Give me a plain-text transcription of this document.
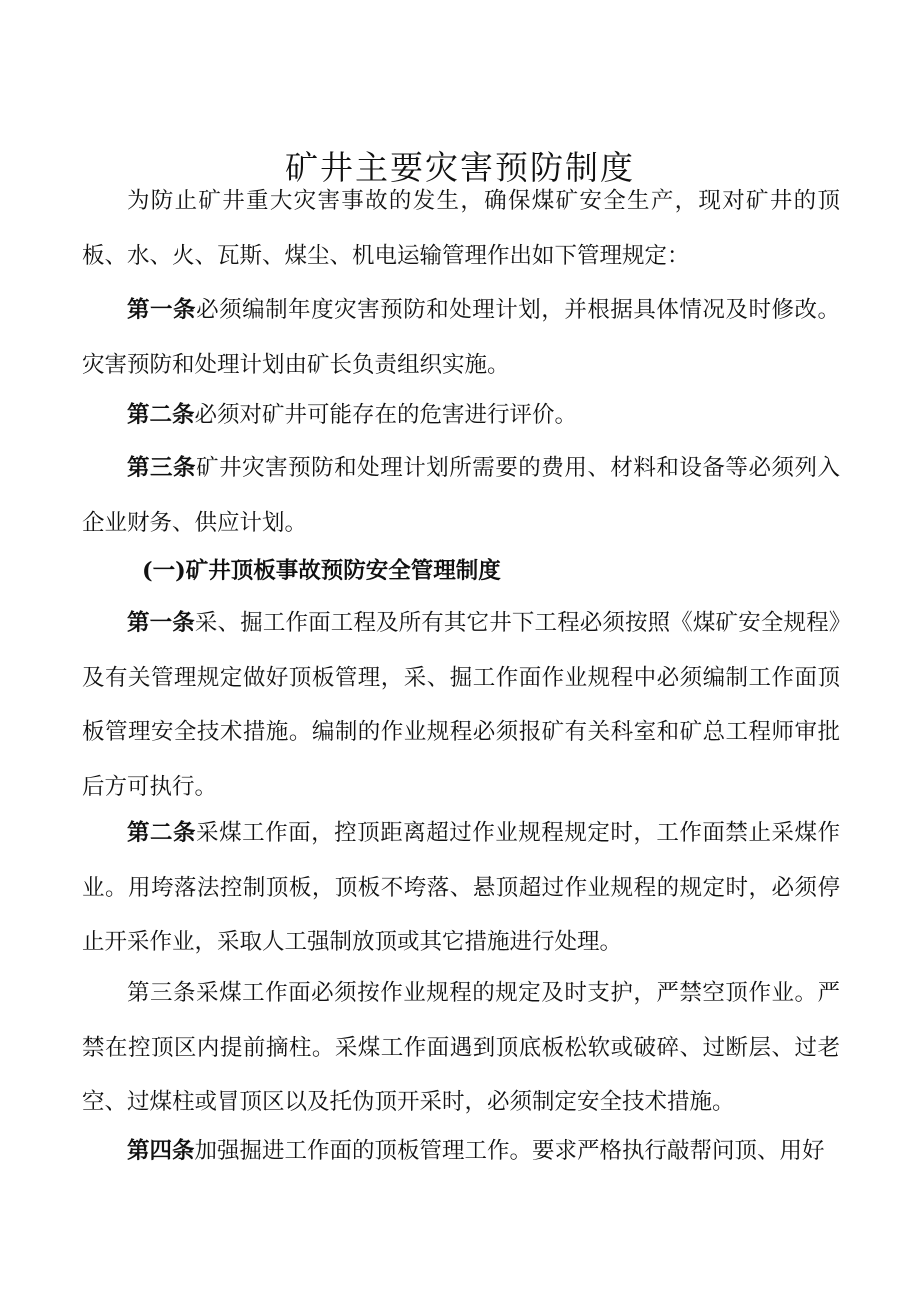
矿井主要灾害预防制度

为防止矿井重大灾害事故的发生，确保煤矿安全生产，现对矿井的顶板、水、火、瓦斯、煤尘、机电运输管理作出如下管理规定：

第一条必须编制年度灾害预防和处理计划，并根据具体情况及时修改。灾害预防和处理计划由矿长负责组织实施。

第二条必须对矿井可能存在的危害进行评价。

第三条矿井灾害预防和处理计划所需要的费用、材料和设备等必须列入企业财务、供应计划。

(一)矿井顶板事故预防安全管理制度

第一条采、掘工作面工程及所有其它井下工程必须按照《煤矿安全规程》及有关管理规定做好顶板管理，采、掘工作面作业规程中必须编制工作面顶板管理安全技术措施。编制的作业规程必须报矿有关科室和矿总工程师审批后方可执行。

第二条采煤工作面，控顶距离超过作业规程规定时，工作面禁止采煤作业。用垮落法控制顶板，顶板不垮落、悬顶超过作业规程的规定时，必须停止开采作业，采取人工强制放顶或其它措施进行处理。

第三条采煤工作面必须按作业规程的规定及时支护，严禁空顶作业。严禁在控顶区内提前摘柱。采煤工作面遇到顶底板松软或破碎、过断层、过老空、过煤柱或冒顶区以及托伪顶开采时，必须制定安全技术措施。

第四条加强掘进工作面的顶板管理工作。要求严格执行敲帮问顶、用好
